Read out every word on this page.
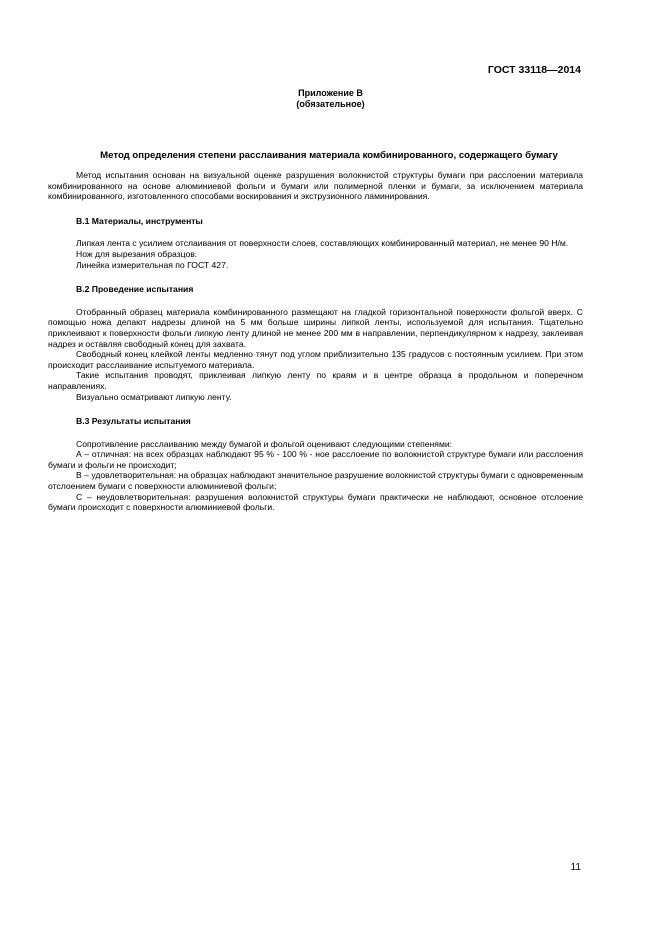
ГОСТ 33118—2014
Приложение В
(обязательное)
Метод определения степени расслаивания материала комбинированного, содержащего бумагу

Метод испытания основан на визуальной оценке разрушения волокнистой структуры бумаги при расслоении материала комбинированного на основе алюминиевой фольги и бумаги или полимерной пленки и бумаги, за исключением материала комбинированного, изготовленного способами воскирования и экструзионного ламинирования.

В.1 Материалы, инструменты

Липкая лента с усилием отслаивания от поверхности слоев, составляющих комбинированный материал, не менее 90 Н/м.

Нож для вырезания образцов.

Линейка измерительная по ГОСТ 427.

В.2 Проведение испытания

Отобранный образец материала комбинированного размещают на гладкой горизонтальной поверхности фольгой вверх. С помощью ножа делают надрезы длиной на 5 мм больше ширины липкой ленты, используемой для испытания. Тщательно приклеивают к поверхности фольги липкую ленту длиной не менее 200 мм в направлении, перпендикулярном к надрезу, заклеивая надрез и оставляя свободный конец для захвата.

Свободный конец клейкой ленты медленно тянут под углом приблизительно 135 градусов с постоянным усилием. При этом происходит расслаивание испытуемого материала.

Такие испытания проводят, приклеивая липкую ленту по краям и в центре образца в продольном и поперечном направлениях.

Визуально осматривают липкую ленту.

В.3 Результаты испытания

Сопротивление расслаиванию между бумагой и фольгой оценивают следующими степенями:

А – отличная: на всех образцах наблюдают 95 % - 100 % - нoe расслоение по волокнистой структуре бумаги или расслоения бумаги и фольги не происходит;

В – удовлетворительная: на образцах наблюдают значительное разрушение волокнистой структуры бумаги с одновременным отслоением бумаги с поверхности алюминиевой фольги;

С – неудовлетворительная: разрушения волокнистой структуры бумаги практически не наблюдают, основное отслоение бумаги происходит с поверхности алюминиевой фольги.

11
